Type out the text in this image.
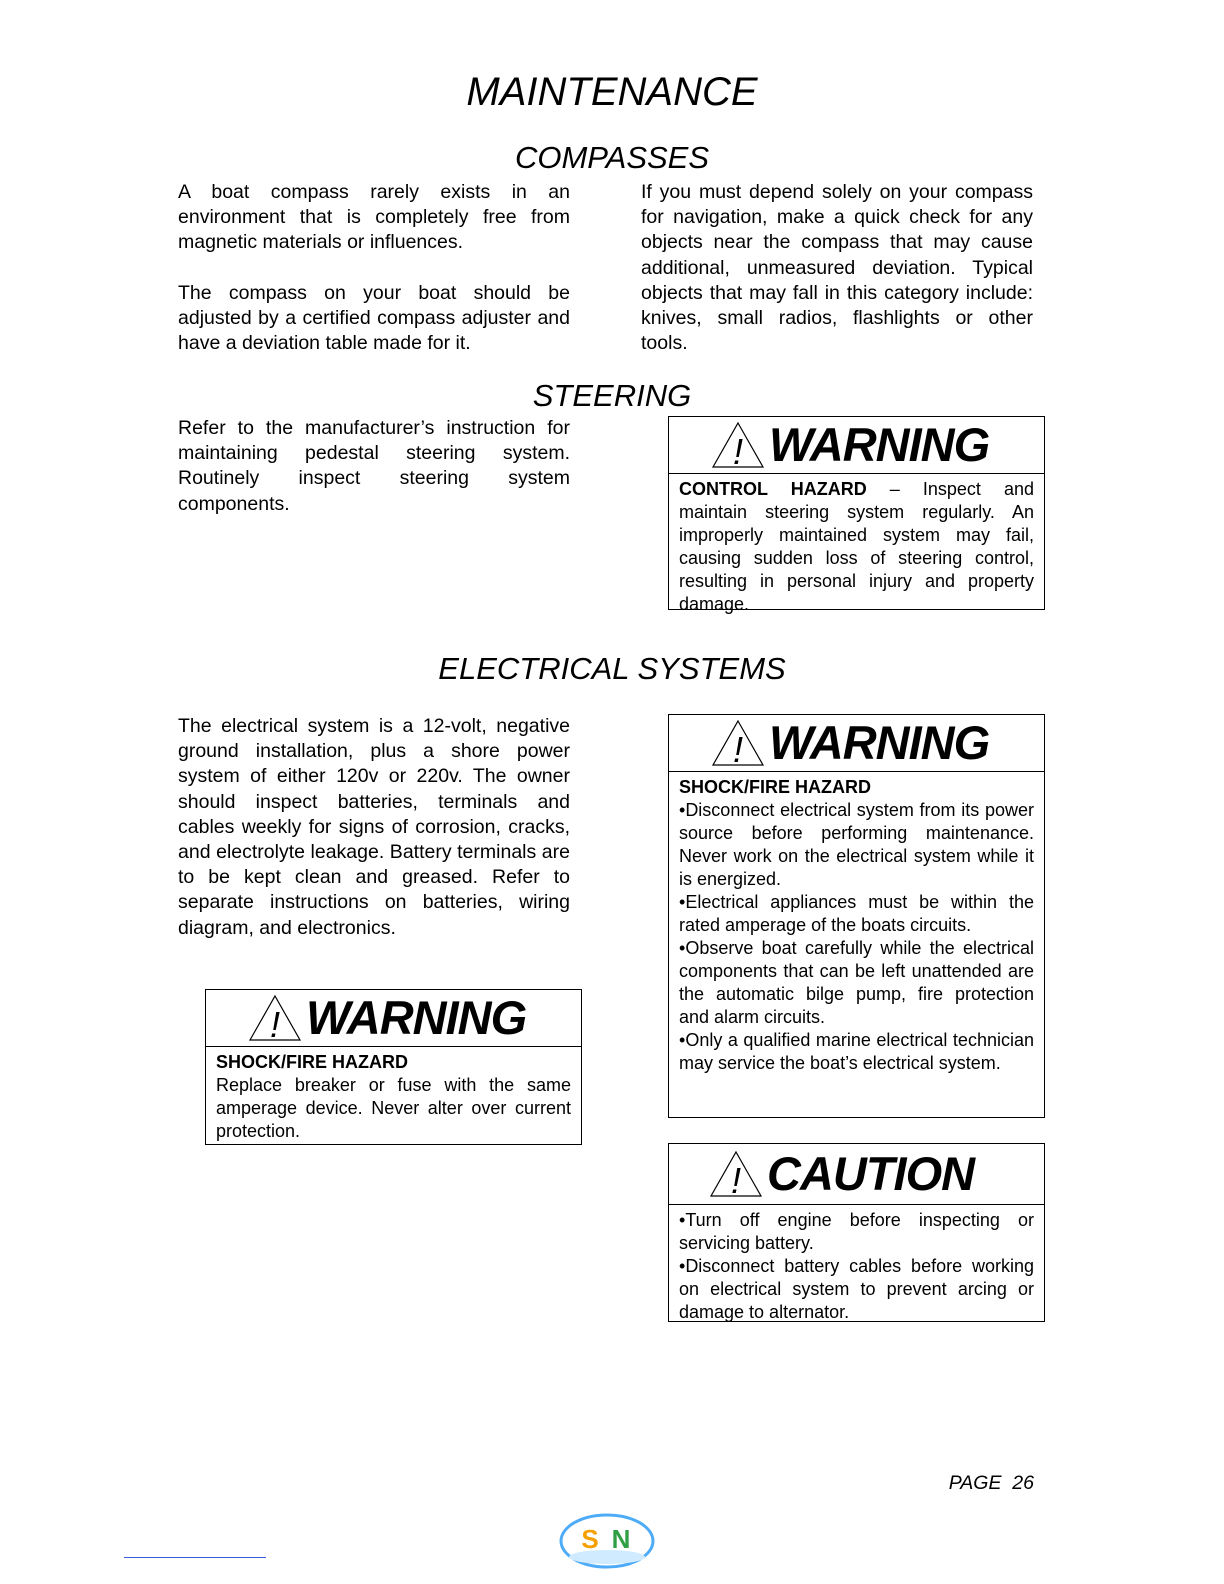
MAINTENANCE
COMPASSES

A boat compass rarely exists in an environment that is completely free from magnetic materials or influences.

The compass on your boat should be adjusted by a certified compass adjuster and have a deviation table made for it.

If you must depend solely on your compass for navigation, make a quick check for any objects near the compass that may cause additional, unmeasured deviation. Typical objects that may fall in this category include: knives, small radios, flashlights or other tools.

STEERING

Refer to the manufacturer’s instruction for maintaining pedestal steering system. Routinely inspect steering system components.

! WARNING
CONTROL HAZARD – Inspect and maintain steering system regularly. An improperly maintained system may fail, causing sudden loss of steering control, resulting in personal injury and property damage.
ELECTRICAL SYSTEMS

The electrical system is a 12-volt, negative ground installation, plus a shore power system of either 120v or 220v. The owner should inspect batteries, terminals and cables weekly for signs of corrosion, cracks, and electrolyte leakage. Battery terminals are to be kept clean and greased. Refer to separate instructions on batteries, wiring diagram, and electronics.

! WARNING
SHOCK/FIRE HAZARD
Replace breaker or fuse with the same amperage device. Never alter over current protection.
! WARNING
SHOCK/FIRE HAZARD

• Disconnect electrical system from its power source before performing maintenance. Never work on the electrical system while it is energized.

• Electrical appliances must be within the rated amperage of the boats circuits.

• Observe boat carefully while the electrical components that can be left unattended are the automatic bilge pump, fire protection and alarm circuits.

• Only a qualified marine electrical technician may service the boat’s electrical system.

! CAUTION

• Turn off engine before inspecting or servicing battery.

• Disconnect battery cables before working on electrical system to prevent arcing or damage to alternator.

PAGE  26
S N
